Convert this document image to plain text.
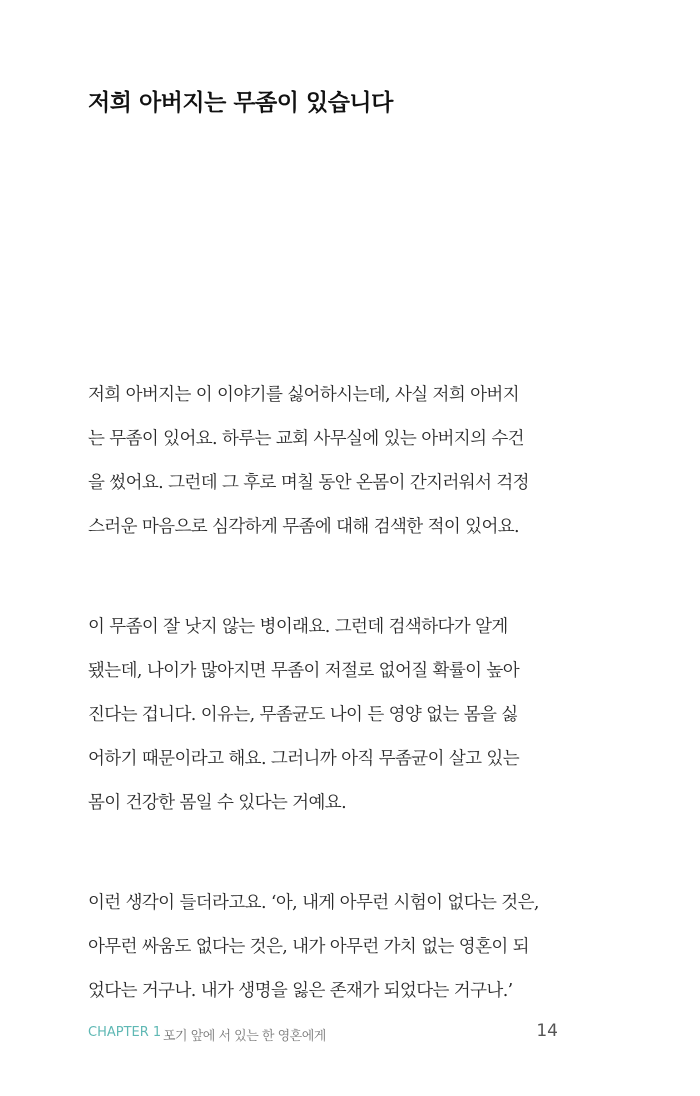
저희 아버지는 무좀이 있습니다

저희 아버지는 이 이야기를 싫어하시는데, 사실 저희 아버지
는 무좀이 있어요. 하루는 교회 사무실에 있는 아버지의 수건
을 썼어요. 그런데 그 후로 며칠 동안 온몸이 간지러워서 걱정
스러운 마음으로 심각하게 무좀에 대해 검색한 적이 있어요.

이 무좀이 잘 낫지 않는 병이래요. 그런데 검색하다가 알게
됐는데, 나이가 많아지면 무좀이 저절로 없어질 확률이 높아
진다는 겁니다. 이유는, 무좀균도 나이 든 영양 없는 몸을 싫
어하기 때문이라고 해요. 그러니까 아직 무좀균이 살고 있는
몸이 건강한 몸일 수 있다는 거예요.

이런 생각이 들더라고요. ‘아, 내게 아무런 시험이 없다는 것은,
아무런 싸움도 없다는 것은, 내가 아무런 가치 없는 영혼이 되
었다는 거구나. 내가 생명을 잃은 존재가 되었다는 거구나.’

CHAPTER 1 포기 앞에 서 있는 한 영혼에게	14
